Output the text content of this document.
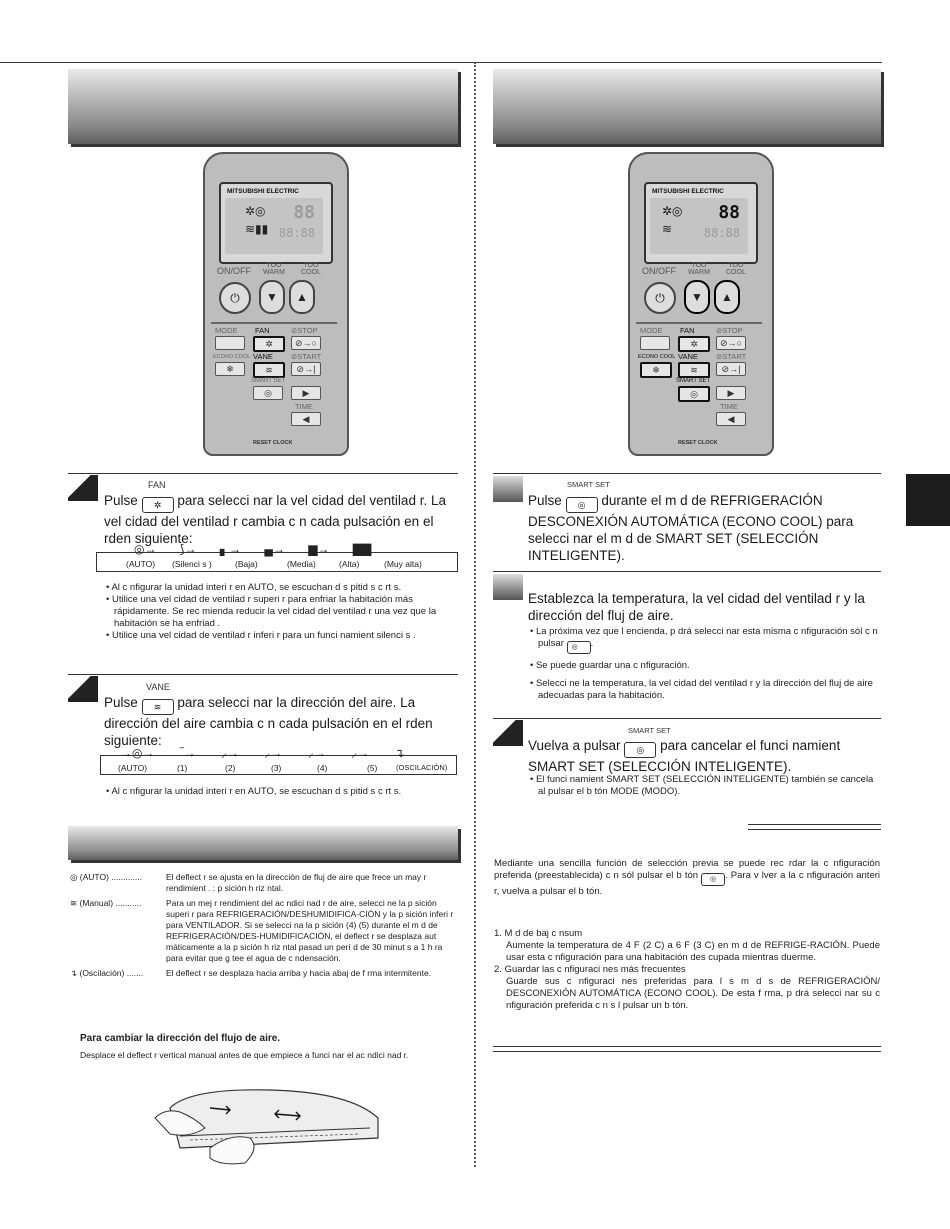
MITSUBISHI ELECTRIC
88
✲◎
≋▮▮ 88:88
ON/OFF
TOO
WARM
TOO
COOL
⏻	▼	▲
MODE FAN
✲
⊘STOP
⊘→○
ECONO COOL
❄
VANE
≋
⊘START
⊘→|
SMART SET
◎	▶
TIME
◀
RESET CLOCK
FAN
Pulse ✲ para selecci nar la vel cidad del ventilad r. La vel cidad del ventilad r cambia c n cada pulsación en el rden siguiente:
◎→ ⟆→ ▖→ ▄→ ▆→ ▇▇
(AUTO) (Silenci s )	(Baja)	(Media)	(Alta)	(Muy alta)
• Al c nfigurar la unidad interi r en AUTO, se escuchan d s pitid s c rt s.
• Utilice una vel cidad de ventilad r superi r para enfriar la habitación más rápidamente. Se rec mienda reducir la vel cidad del ventilad r una vez que la habitación se ha enfriad .
• Utilice una vel cidad de ventilad r inferi r para un funci namient silenci s .
VANE
Pulse ≋ para selecci nar la dirección del aire. La dirección del aire cambia c n cada pulsación en el rden siguiente:
→◎→ ‾→ ⸝→ ⸝→ ⸝→ ⸝→ ↴
(AUTO)	(1)	(2)	(3)	(4)	(5) (OSCILACIÓN)
• Al c nfigurar la unidad interi r en AUTO, se escuchan d s pitid s c rt s.
◎ (AUTO) .............	El deflect r se ajusta en la dirección de fluj de aire que frece un may r rendimient . : p sición h riz ntal.
≋ (Manual) ...........	Para un mej r rendimient del ac ndici nad r de aire, selecci ne la p sición superi r para REFRIGERACIÓN/DESHUMIDIFICA-CIÓN y la p sición inferi r para VENTILADOR. Si se selecci na la p sición (4) (5) durante el m d de REFRIGERACIÓN/DES-HUMIDIFICACIÓN, el deflect r se desplaza aut máticamente a la p sición h riz ntal pasad un perí d de 30 minut s a 1 h ra para evitar que g tee el agua de c ndensación.
↴ (Oscilación) .......	El deflect r se desplaza hacia arriba y hacia abaj de f rma intermitente.
Para cambiar la dirección del flujo de aire.
Desplace el deflect r vertical manual antes de que empiece a funci nar el ac ndici nad r.
MITSUBISHI ELECTRIC
88
✲◎
≋	88:88
ON/OFF
TOO
WARM
TOO
COOL
⏻	▼	▲
MODE FAN
✲
⊘STOP
⊘→○
ECONO COOL
❄
VANE
≋
⊘START
⊘→|
SMART SET
◎	▶
TIME
◀
RESET CLOCK
SMART SET
Pulse ◎ durante el m d de REFRIGERACIÓN DESCONEXIÓN AUTOMÁTICA (ECONO COOL) para selecci nar el m d de SMART SET (SELECCIÓN INTELIGENTE).
Establezca la temperatura, la vel cidad del ventilad r y la dirección del fluj de aire.
• La próxima vez que l encienda, p drá selecci nar esta misma c nfiguración sól c n pulsar ◎ .
• Se puede guardar una c nfiguración.
• Selecci ne la temperatura, la vel cidad del ventilad r y la dirección del fluj de aire adecuadas para la habitación.
SMART SET
Vuelva a pulsar ◎ para cancelar el funci namient SMART SET (SELECCIÓN INTELIGENTE).
• El funci namient SMART SET (SELECCIÓN INTELIGENTE) también se cancela al pulsar el b tón MODE (MODO).
Mediante una sencilla función de selección previa se puede rec rdar la c nfiguración preferida (preestablecida) c n sól pulsar el b tón ◎ . Para v lver a la c nfiguración anteri r, vuelva a pulsar el b tón.
1. M d de baj c nsum
Aumente la temperatura de 4 F (2 C) a 6 F (3 C) en m d de REFRIGE-RACIÓN. Puede usar esta c nfiguración para una habitación des cupada mientras duerme.
2. Guardar las c nfiguraci nes más frecuentes
Guarde sus c nfiguraci nes preferidas para l s m d s de REFRIGERACIÓN/ DESCONEXIÓN AUTOMÁTICA (ECONO COOL). De esta f rma, p drá seleccі nar su c nfiguración preferida c n s l pulsar un b tón.
